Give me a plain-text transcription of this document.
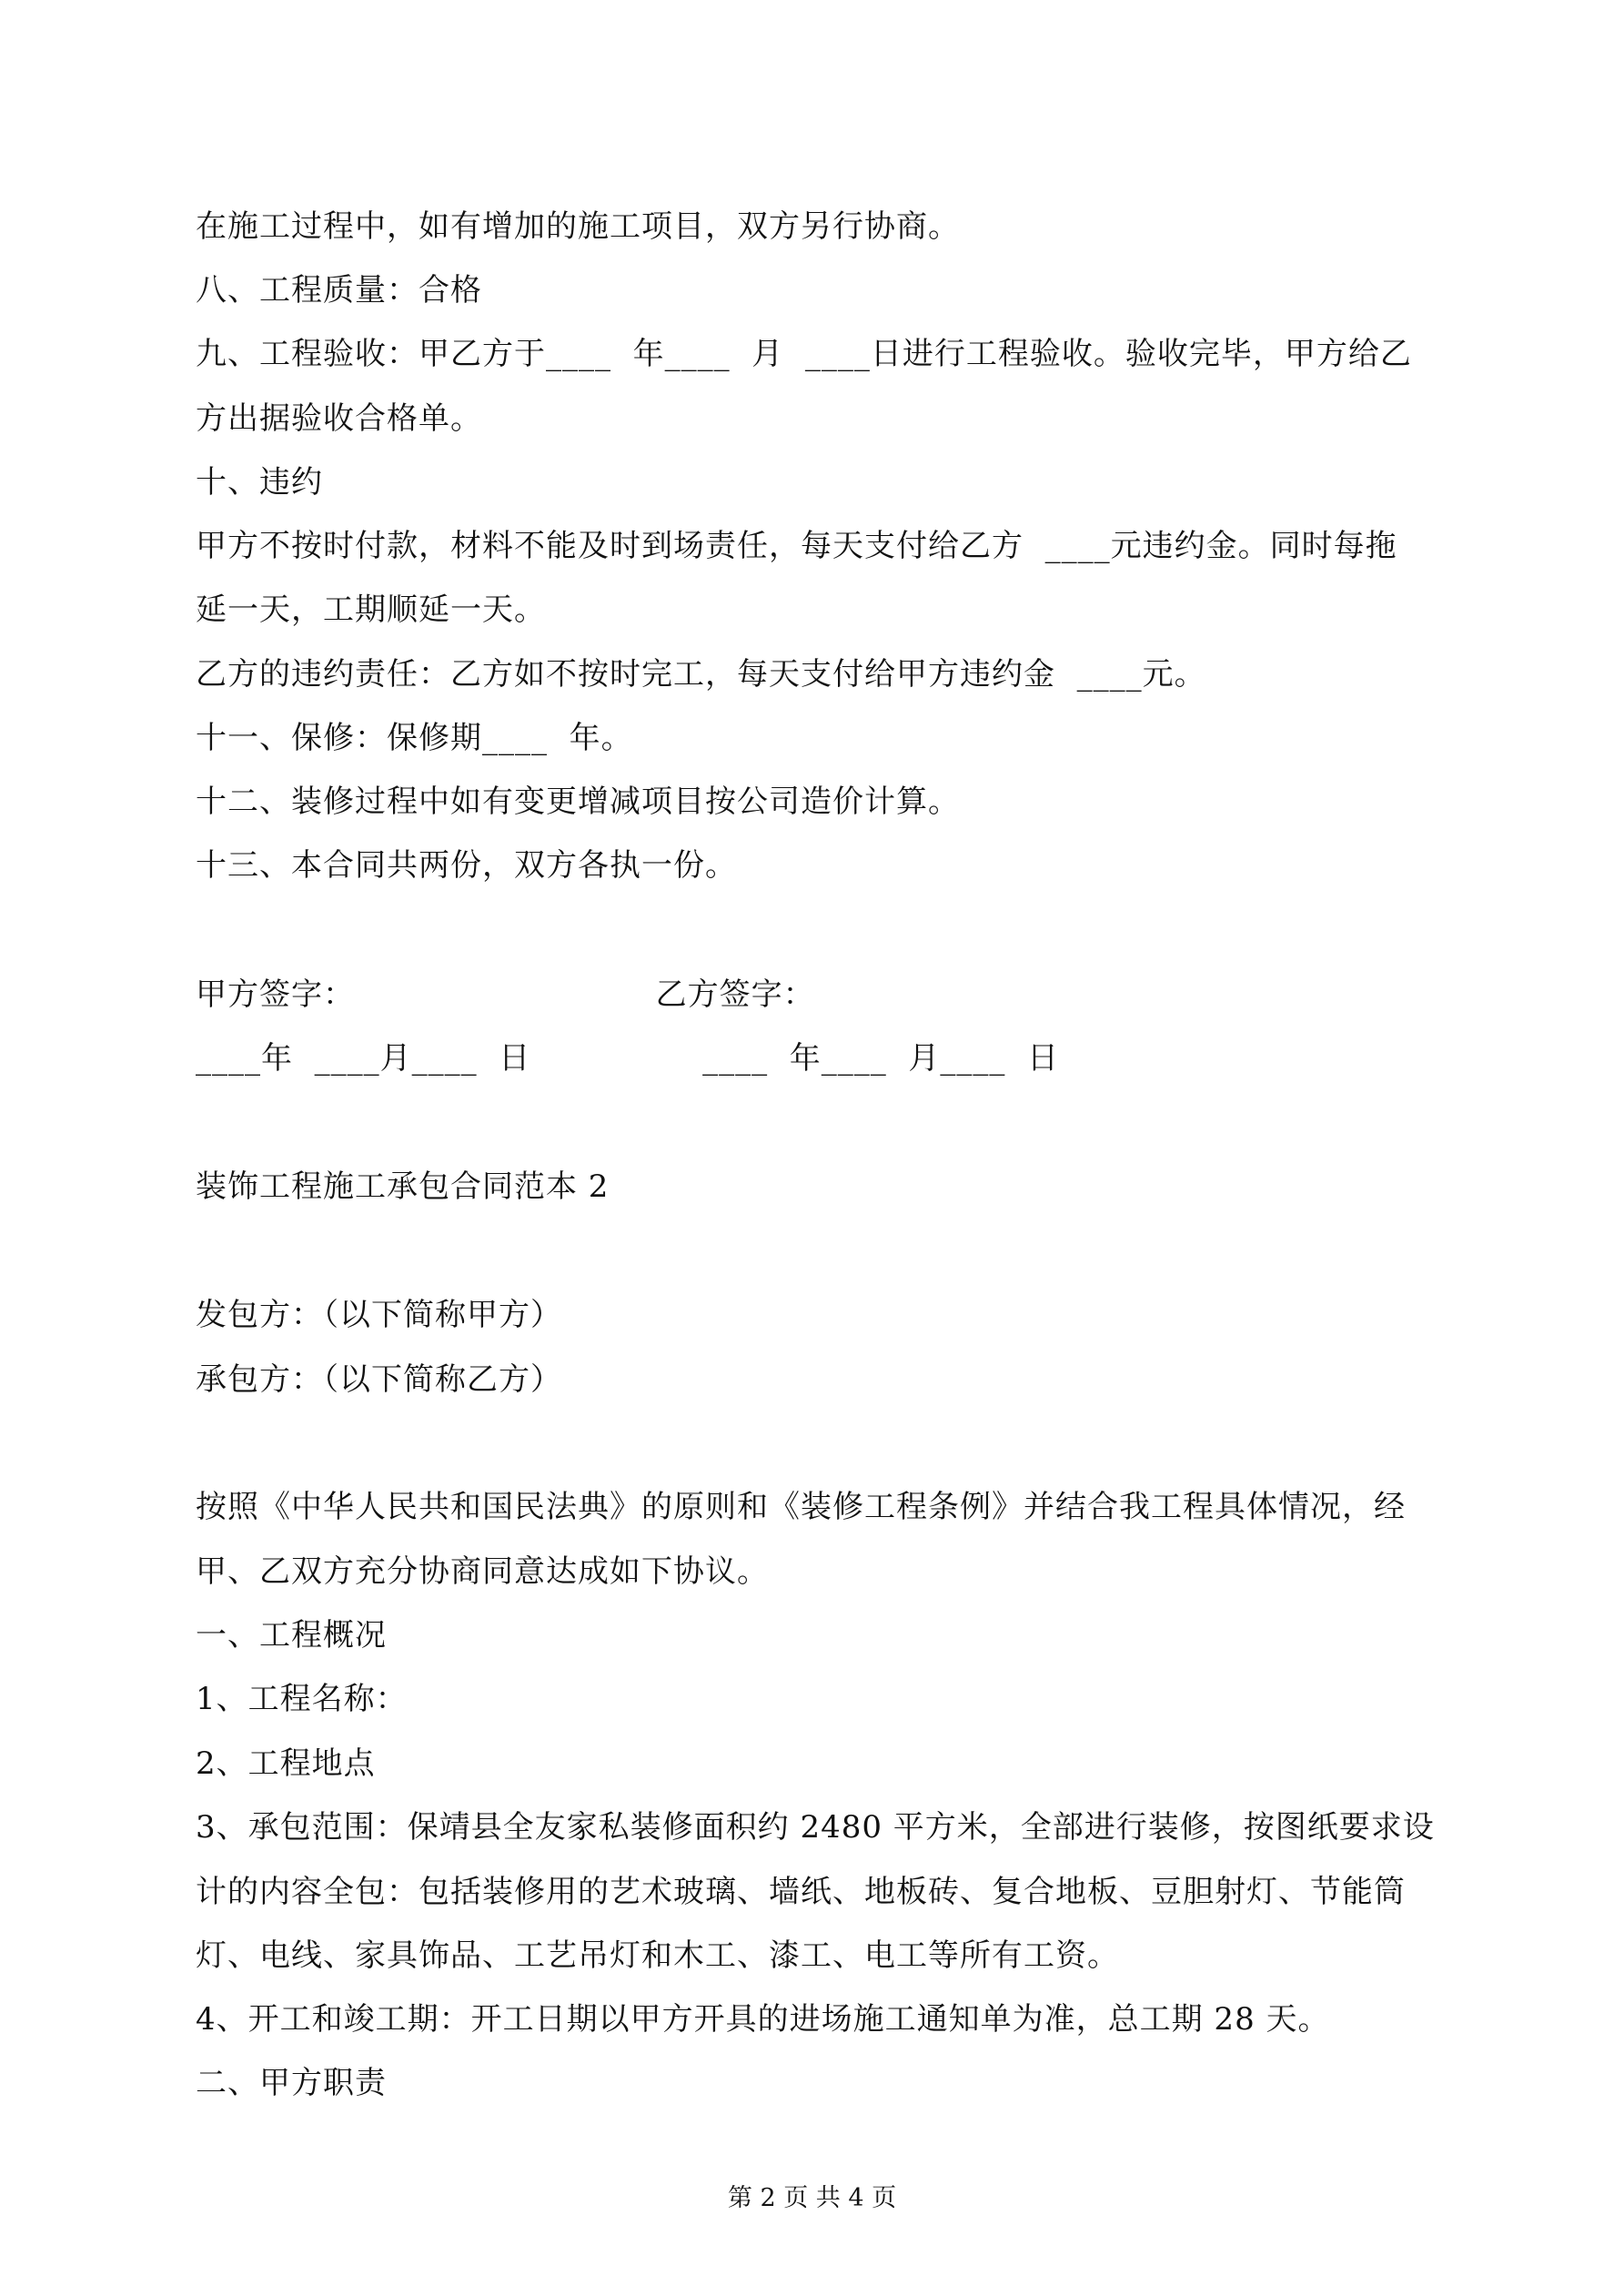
在施工过程中，如有增加的施工项目，双方另行协商。
八、工程质量：合格
九、工程验收：甲乙方于____  年____  月  ____日进行工程验收。验收完毕，甲方给乙
方出据验收合格单。
十、违约
甲方不按时付款，材料不能及时到场责任，每天支付给乙方  ____元违约金。同时每拖
延一天，工期顺延一天。
乙方的违约责任：乙方如不按时完工，每天支付给甲方违约金  ____元。
十一、保修：保修期____  年。
十二、装修过程中如有变更增减项目按公司造价计算。
十三、本合同共两份，双方各执一份。
甲方签字：                            乙方签字：
____年  ____月____  日                ____  年____  月____  日
装饰工程施工承包合同范本 2
发包方：（以下简称甲方）
承包方：（以下简称乙方）
按照《中华人民共和国民法典》的原则和《装修工程条例》并结合我工程具体情况，经
甲、乙双方充分协商同意达成如下协议。
一、工程概况
1、工程名称：
2、工程地点
3、承包范围：保靖县全友家私装修面积约 2480 平方米，全部进行装修，按图纸要求设
计的内容全包：包括装修用的艺术玻璃、墙纸、地板砖、复合地板、豆胆射灯、节能筒
灯、电线、家具饰品、工艺吊灯和木工、漆工、电工等所有工资。
4、开工和竣工期：开工日期以甲方开具的进场施工通知单为准，总工期 28 天。
二、甲方职责
第 2 页 共 4 页
